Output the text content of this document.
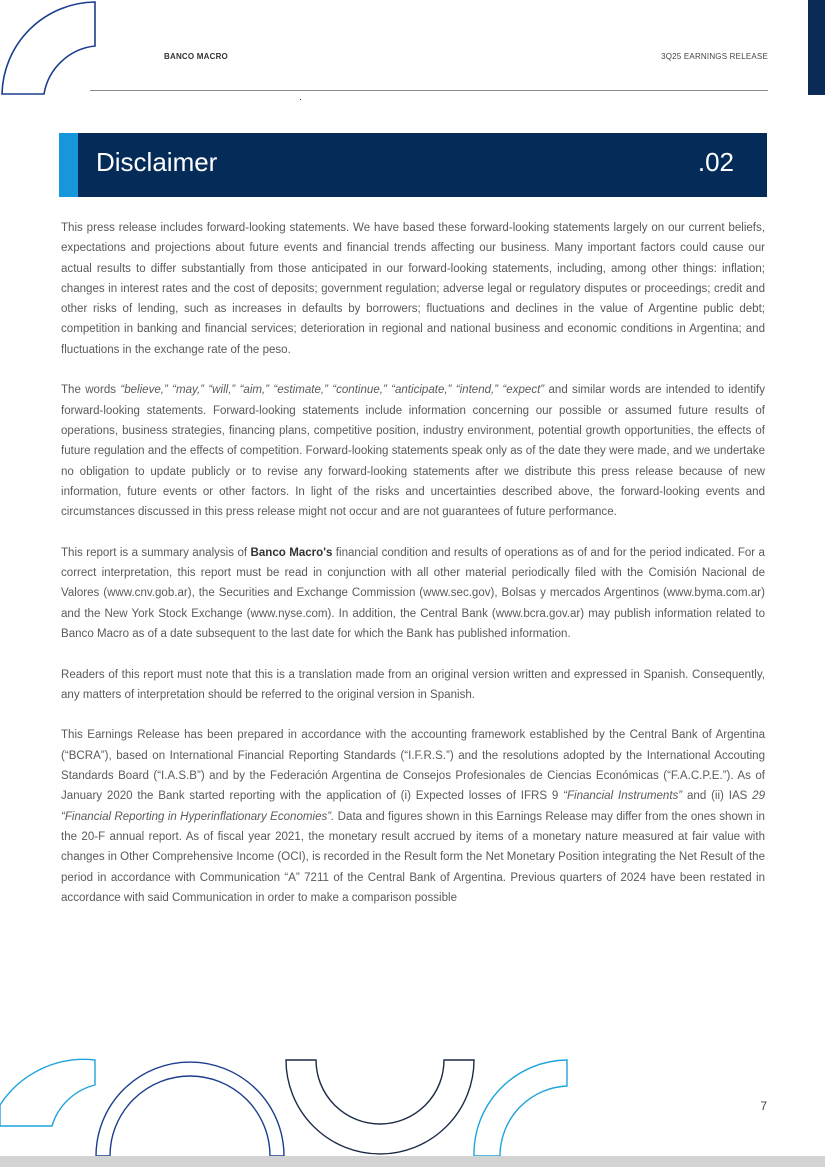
BANCO MACRO	3Q25 EARNINGS RELEASE
Disclaimer	.02

This press release includes forward-looking statements. We have based these forward-looking statements largely on our current beliefs, expectations and projections about future events and financial trends affecting our business. Many important factors could cause our actual results to differ substantially from those anticipated in our forward-looking statements, including, among other things: inflation; changes in interest rates and the cost of deposits; government regulation; adverse legal or regulatory disputes or proceedings; credit and other risks of lending, such as increases in defaults by borrowers; fluctuations and declines in the value of Argentine public debt; competition in banking and financial services; deterioration in regional and national business and economic conditions in Argentina; and fluctuations in the exchange rate of the peso.

The words “believe,” “may,” “will,” “aim,” “estimate,” “continue,” “anticipate,” “intend,” “expect” and similar words are intended to identify forward-looking statements. Forward-looking statements include information concerning our possible or assumed future results of operations, business strategies, financing plans, competitive position, industry environment, potential growth opportunities, the effects of future regulation and the effects of competition. Forward-looking statements speak only as of the date they were made, and we undertake no obligation to update publicly or to revise any forward-looking statements after we distribute this press release because of new information, future events or other factors. In light of the risks and uncertainties described above, the forward-looking events and circumstances discussed in this press release might not occur and are not guarantees of future performance.

This report is a summary analysis of Banco Macro's financial condition and results of operations as of and for the period indicated. For a correct interpretation, this report must be read in conjunction with all other material periodically filed with the Comisión Nacional de Valores (www.cnv.gob.ar), the Securities and Exchange Commission (www.sec.gov), Bolsas y mercados Argentinos (www.byma.com.ar) and the New York Stock Exchange (www.nyse.com). In addition, the Central Bank (www.bcra.gov.ar) may publish information related to Banco Macro as of a date subsequent to the last date for which the Bank has published information.

Readers of this report must note that this is a translation made from an original version written and expressed in Spanish. Consequently, any matters of interpretation should be referred to the original version in Spanish.

This Earnings Release has been prepared in accordance with the accounting framework established by the Central Bank of Argentina (“BCRA”), based on International Financial Reporting Standards (“I.F.R.S.”) and the resolutions adopted by the International Accouting Standards Board (“I.A.S.B”) and by the Federación Argentina de Consejos Profesionales de Ciencias Económicas (“F.A.C.P.E.”). As of January 2020 the Bank started reporting with the application of (i) Expected losses of IFRS 9 “Financial Instruments” and (ii) IAS 29 “Financial Reporting in Hyperinflationary Economies”. Data and figures shown in this Earnings Release may differ from the ones shown in the 20-F annual report. As of fiscal year 2021, the monetary result accrued by items of a monetary nature measured at fair value with changes in Other Comprehensive Income (OCI), is recorded in the Result form the Net Monetary Position integrating the Net Result of the period in accordance with Communication “A” 7211 of the Central Bank of Argentina. Previous quarters of 2024 have been restated in accordance with said Communication in order to make a comparison possible

7
